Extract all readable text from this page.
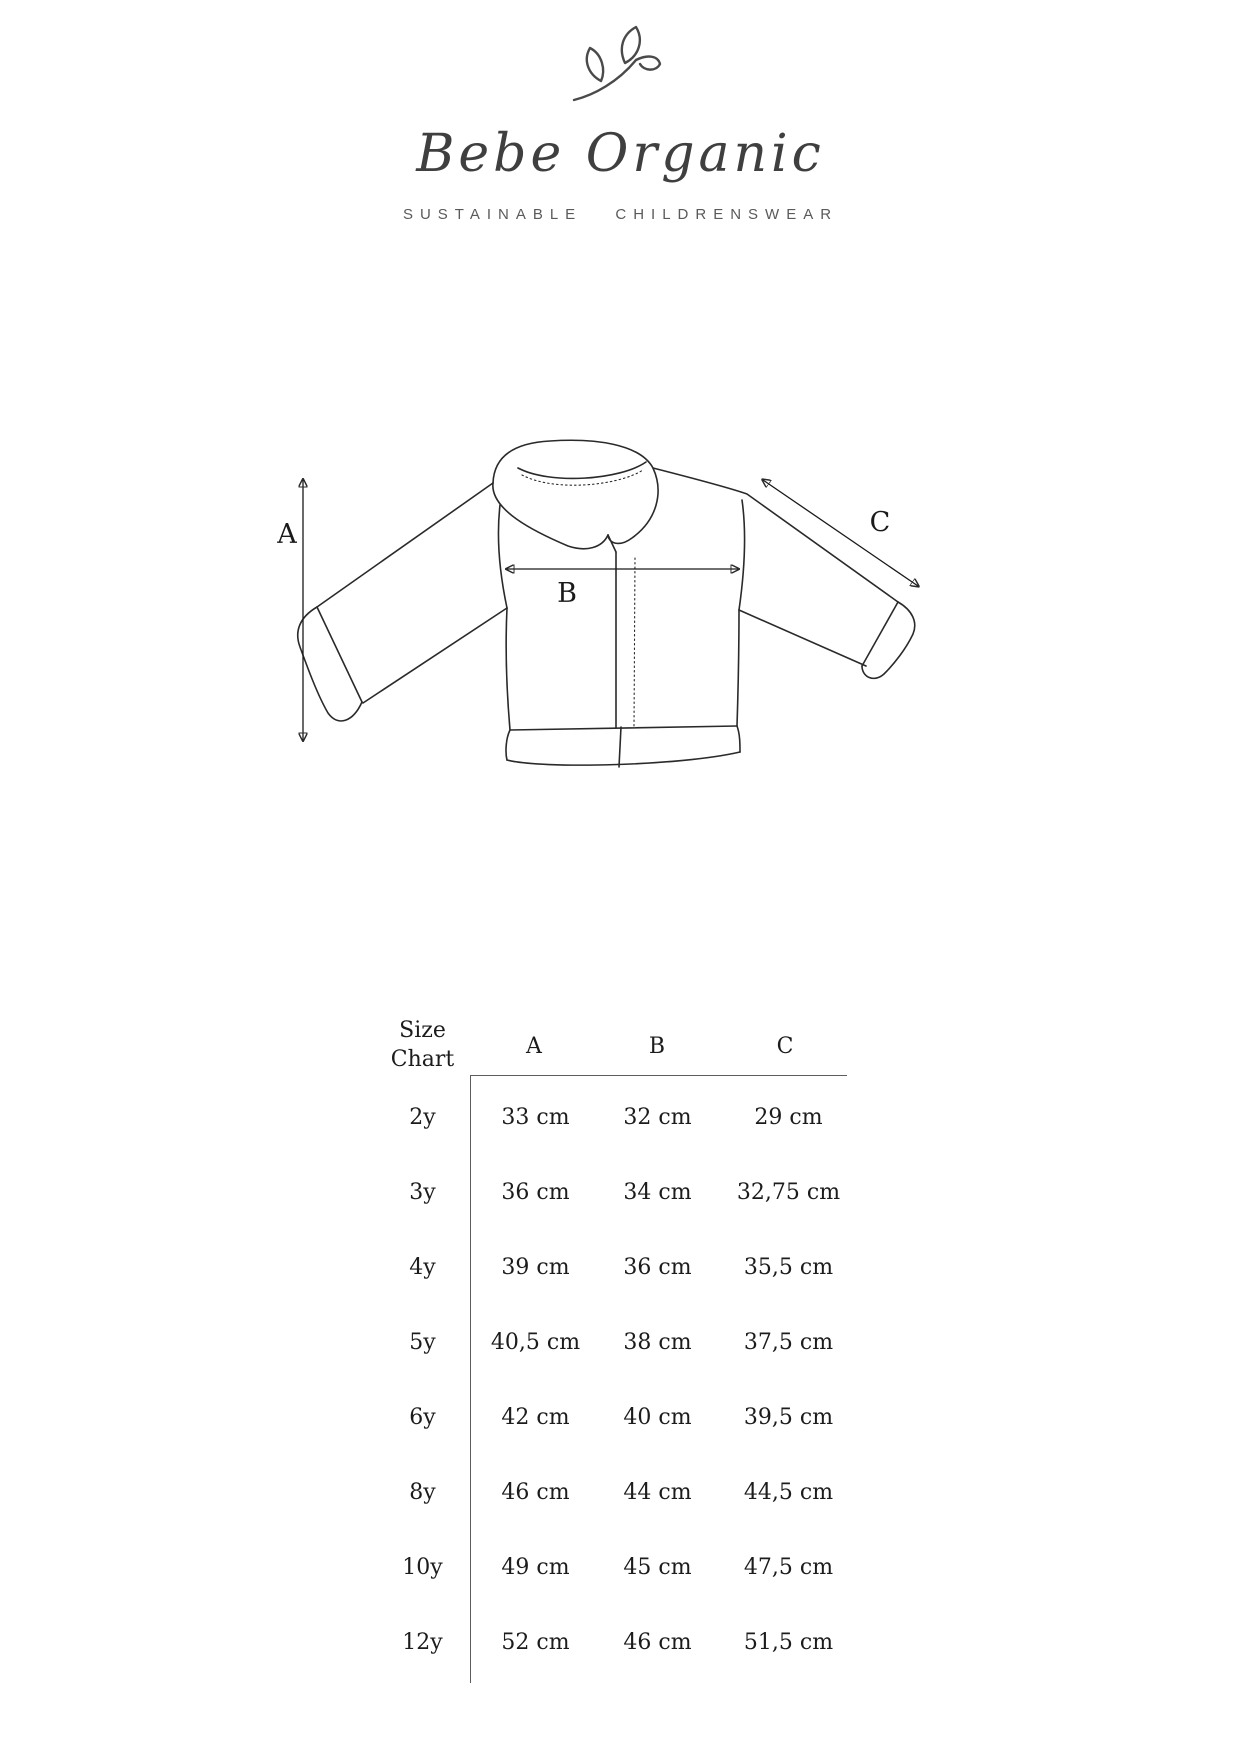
Bebe Organic
SUSTAINABLE CHILDRENSWEAR
A
B
C
Size
Chart
A	B	C
2y	33 cm	32 cm	29 cm
3y	36 cm	34 cm	32,75 cm
4y	39 cm	36 cm	35,5 cm
5y	40,5 cm	38 cm	37,5 cm
6y	42 cm	40 cm	39,5 cm
8y	46 cm	44 cm	44,5 cm
10y	49 cm	45 cm	47,5 cm
12y	52 cm	46 cm	51,5 cm
